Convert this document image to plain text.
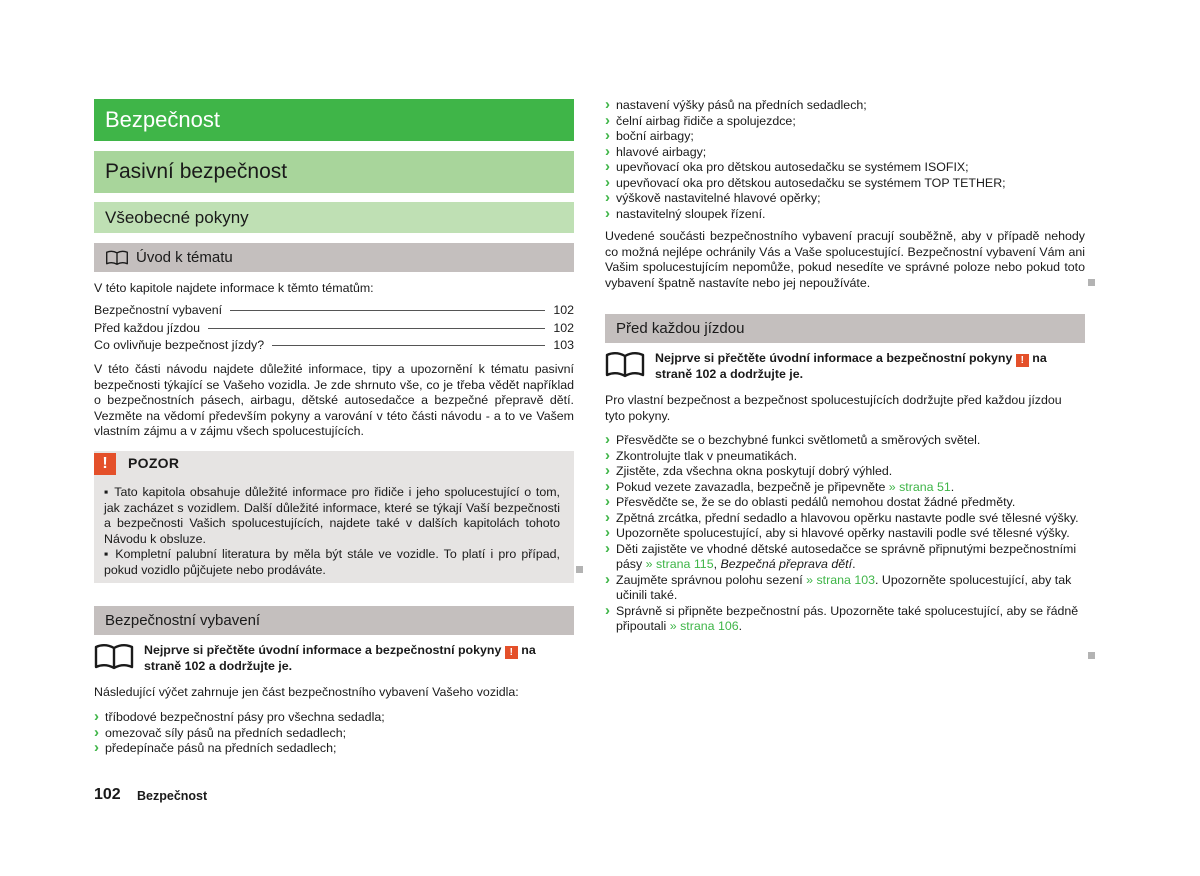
Bezpečnost
Pasivní bezpečnost
Všeobecné pokyny
Úvod k tématu

V této kapitole najdete informace k těmto tématům:

Bezpečnostní vybavení	102
Před každou jízdou	102
Co ovlivňuje bezpečnost jízdy?	103

V této části návodu najdete důležité informace, tipy a upozornění k tématu pasivní bezpečnosti týkající se Vašeho vozidla. Je zde shrnuto vše, co je třeba vědět například o bezpečnostních pásech, airbagu, dětské autosedačce a bezpečné přepravě dětí. Vezměte na vědomí především pokyny a varování v této části návodu - a to ve Vašem vlastním zájmu a v zájmu všech spolucestujících.

!	POZOR
▪ Tato kapitola obsahuje důležité informace pro řidiče i jeho spolucestující o tom, jak zacházet s vozidlem. Další důležité informace, které se týkají Vaší bezpečnosti a bezpečnosti Vašich spolucestujících, najdete také v dalších kapitolách tohoto Návodu k obsluze.
▪ Kompletní palubní literatura by měla být stále ve vozidle. To platí i pro případ, pokud vozidlo půjčujete nebo prodáváte.
Bezpečnostní vybavení
Nejprve si přečtěte úvodní informace a bezpečnostní pokyny ! na straně 102 a dodržujte je.

Následující výčet zahrnuje jen část bezpečnostního vybavení Vašeho vozidla:

› tříbodové bezpečnostní pásy pro všechna sedadla;
› omezovač síly pásů na předních sedadlech;
› předepínače pásů na předních sedadlech;
› nastavení výšky pásů na předních sedadlech;
› čelní airbag řidiče a spolujezdce;
› boční airbagy;
› hlavové airbagy;
› upevňovací oka pro dětskou autosedačku se systémem ISOFIX;
› upevňovací oka pro dětskou autosedačku se systémem TOP TETHER;
› výškově nastavitelné hlavové opěrky;
› nastavitelný sloupek řízení.

Uvedené součásti bezpečnostního vybavení pracují souběžně, aby v případě nehody co možná nejlépe ochránily Vás a Vaše spolucestující. Bezpečnostní vybavení Vám ani Vašim spolucestujícím nepomůže, pokud nesedíte ve správné poloze nebo pokud toto vybavení špatně nastavíte nebo jej nepoužíváte.

Před každou jízdou
Nejprve si přečtěte úvodní informace a bezpečnostní pokyny ! na straně 102 a dodržujte je.

Pro vlastní bezpečnost a bezpečnost spolucestujících dodržujte před každou jízdou tyto pokyny.

› Přesvědčte se o bezchybné funkci světlometů a směrových světel.
› Zkontrolujte tlak v pneumatikách.
› Zjistěte, zda všechna okna poskytují dobrý výhled.
› Pokud vezete zavazadla, bezpečně je připevněte » strana 51.
› Přesvědčte se, že se do oblasti pedálů nemohou dostat žádné předměty.
› Zpětná zrcátka, přední sedadlo a hlavovou opěrku nastavte podle své tělesné výšky.
› Upozorněte spolucestující, aby si hlavové opěrky nastavili podle své tělesné výšky.
› Děti zajistěte ve vhodné dětské autosedačce se správně připnutými bezpečnostními pásy » strana 115, Bezpečná přeprava dětí.
› Zaujměte správnou polohu sezení » strana 103. Upozorněte spolucestující, aby tak učinili také.
› Správně si připněte bezpečnostní pás. Upozorněte také spolucestující, aby se řádně připoutali » strana 106.
102 Bezpečnost
